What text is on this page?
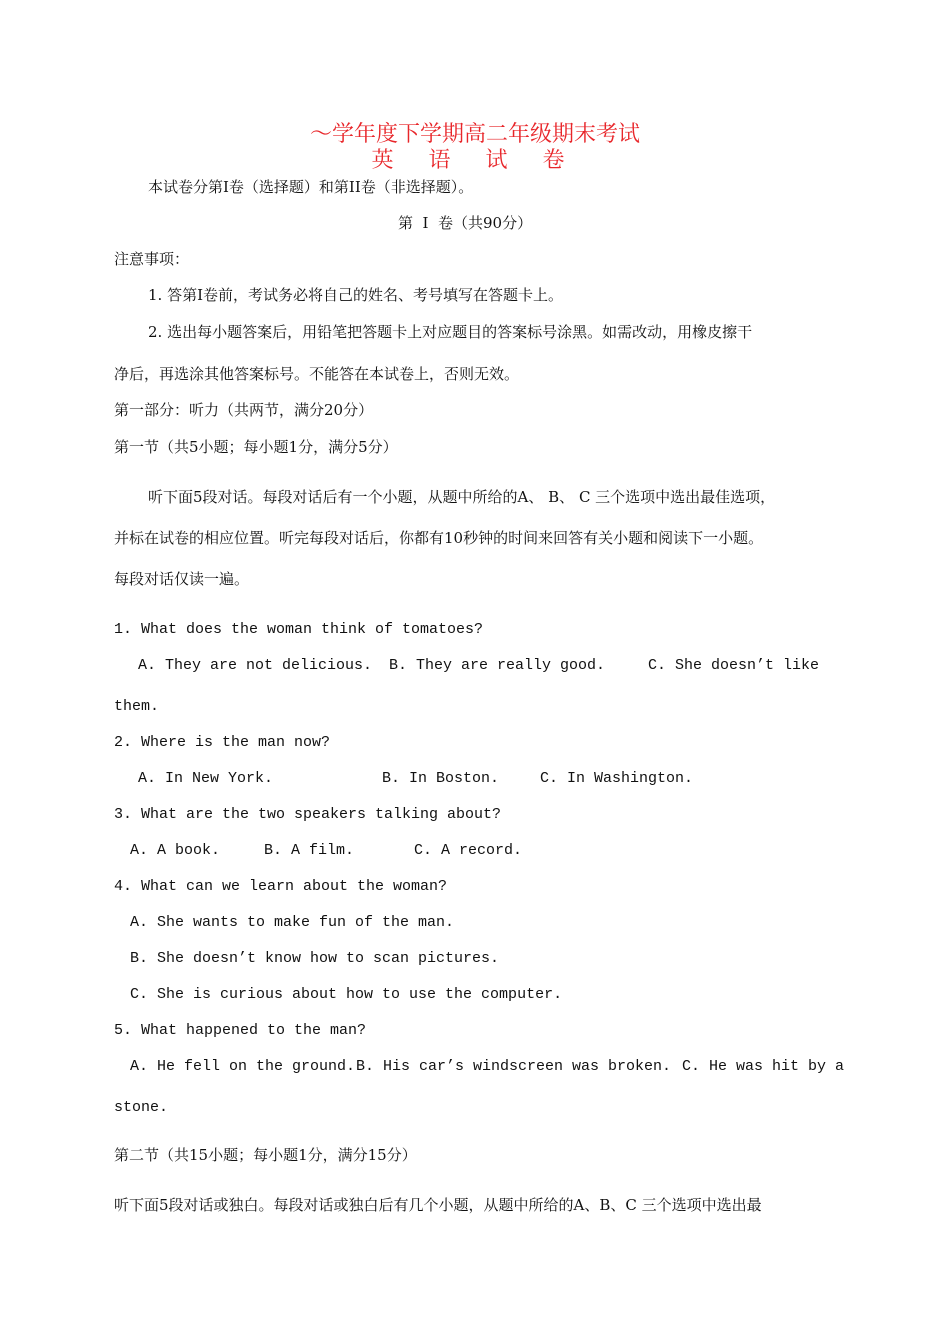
～学年度下学期高二年级期末考试
英 语 试 卷
本试卷分第I卷（选择题）和第II卷（非选择题）。
第  I  卷（共90分）
注意事项：
1. 答第I卷前，考试务必将自己的姓名、考号填写在答题卡上。
2. 选出每小题答案后，用铅笔把答题卡上对应题目的答案标号涂黑。如需改动，用橡皮擦干
净后，再选涂其他答案标号。不能答在本试卷上，否则无效。
第一部分：听力（共两节，满分20分）
第一节（共5小题；每小题1分，满分5分）
听下面5段对话。每段对话后有一个小题，从题中所给的A、 B、 C 三个选项中选出最佳选项，
并标在试卷的相应位置。听完每段对话后，你都有10秒钟的时间来回答有关小题和阅读下一小题。
每段对话仅读一遍。
1. What does the woman think of tomatoes?
A. They are not delicious. B. They are really good.	C. She doesn’t like
them.
2. Where is the man now?
A. In New York.	B. In Boston.	C. In Washington.
3. What are the two speakers talking about?
A. A book.	B. A film.	C. A record.
4. What can we learn about the woman?
A. She wants to make fun of the man.
B. She doesn’t know how to scan pictures.
C. She is curious about how to use the computer.
5. What happened to the man?
A. He fell on the ground. B. His car’s windscreen was broken. C. He was hit by a
stone.
第二节（共15小题；每小题1分，满分15分）
听下面5段对话或独白。每段对话或独白后有几个小题，从题中所给的A、B、C 三个选项中选出最
